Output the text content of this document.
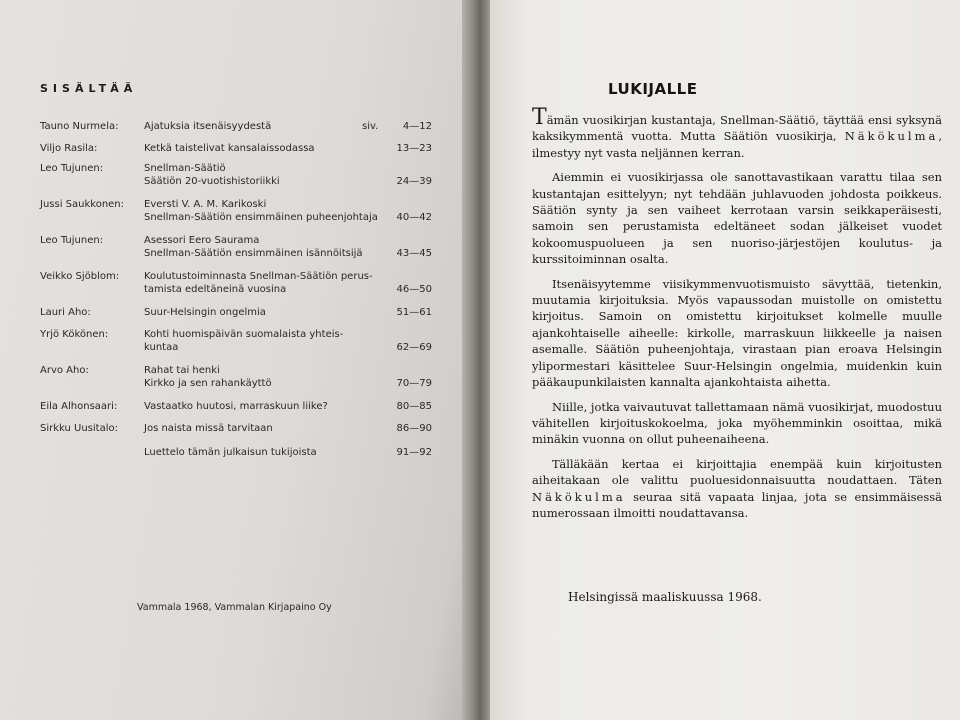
SISÄLTÄÄ
Tauno Nurmela:	Ajatuksia itsenäisyydestä	siv.	4—12
Viljo Rasila:	Ketkä taistelivat kansalaissodassa	13—23
Leo Tujunen:	Snellman-Säätiö
Säätiön 20-vuotishistoriikki	24—39
Jussi Saukkonen:	Eversti V. A. M. Karikoski
Snellman-Säätiön ensimmäinen puheenjohtaja	40—42
Leo Tujunen:	Asessori Eero Saurama
Snellman-Säätiön ensimmäinen isännöitsijä	43—45
Veikko Sjöblom:	Koulutustoiminnasta Snellman-Säätiön perus-
tamista edeltäneinä vuosina	46—50
Lauri Aho:	Suur-Helsingin ongelmia	51—61
Yrjö Kökönen:	Kohti huomispäivän suomalaista yhteis-
kuntaa	62—69
Arvo Aho:	Rahat tai henki
Kirkko ja sen rahankäyttö	70—79
Eila Alhonsaari:	Vastaatko huutosi, marraskuun liike?	80—85
Sirkku Uusitalo:	Jos naista missä tarvitaan	86—90
Luettelo tämän julkaisun tukijoista	91—92
Vammala 1968, Vammalan Kirjapaino Oy
LUKIJALLE

Tämän vuosikirjan kustantaja, Snellman-Säätiö, täyttää ensi syksynä kaksikymmentä vuotta. Mutta Säätiön vuosikirja, Näkökulma, ilmestyy nyt vasta neljännen kerran.

Aiemmin ei vuosikirjassa ole sanottavastikaan varattu tilaa sen kustantajan esittelyyn; nyt tehdään juhlavuoden johdosta poikkeus. Säätiön synty ja sen vaiheet kerrotaan varsin seikkaperäisesti, samoin sen perustamista edeltäneet sodan jälkeiset vuodet kokoomuspuolueen ja sen nuoriso-järjestöjen koulutus- ja kurssitoiminnan osalta.

Itsenäisyytemme viisikymmenvuotismuisto sävyttää, tietenkin, muutamia kirjoituksia. Myös vapaussodan muistolle on omistettu kirjoitus. Samoin on omistettu kirjoitukset kolmelle muulle ajankohtaiselle aiheelle: kirkolle, marraskuun liikkeelle ja naisen asemalle. Säätiön puheenjohtaja, virastaan pian eroava Helsingin ylipormestari käsittelee Suur-Helsingin ongelmia, muidenkin kuin pääkaupunkilaisten kannalta ajankohtaista aihetta.

Niille, jotka vaivautuvat tallettamaan nämä vuosikirjat, muodostuu vähitellen kirjoituskokoelma, joka myöhemminkin osoittaa, mikä minäkin vuonna on ollut puheenaiheena.

Tälläkään kertaa ei kirjoittajia enempää kuin kirjoitusten aiheitakaan ole valittu puoluesidonnaisuutta noudattaen. Täten Näkökulma seuraa sitä vapaata linjaa, jota se ensimmäisessä numerossaan ilmoitti noudattavansa.

Helsingissä maaliskuussa 1968.
